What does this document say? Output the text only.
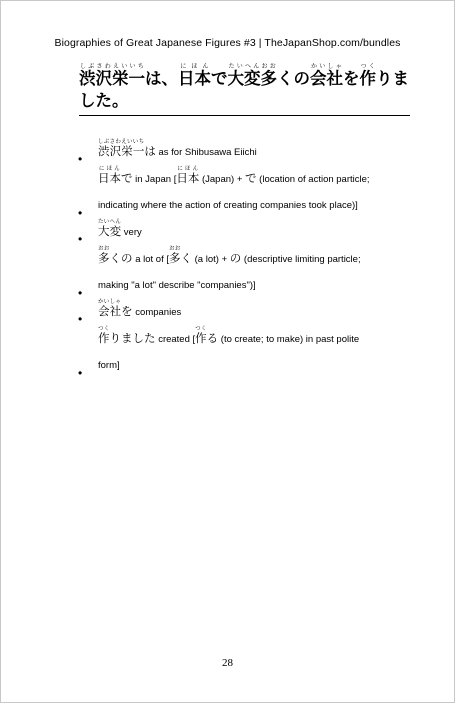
Biographies of Great Japanese Figures #3 | TheJapanShop.com/bundles

渋沢栄一しぶさわえいいちは、日本にほんで大変たいへん多おおくの会社かいしゃを作つくりま
した。

• 渋沢栄一しぶさわえいいちは as for Shibusawa Eiichi
• 日本にほんで in Japan [日本にほん (Japan) + で (location of action particle;
indicating where the action of creating companies took place)]
• 大変たいへん very
• 多おおくの a lot of [多おおく (a lot) + の (descriptive limiting particle;
making "a lot" describe "companies")]
• 会社かいしゃを companies
• 作つくりました created [作つくる (to create; to make) in past polite
form]
28
